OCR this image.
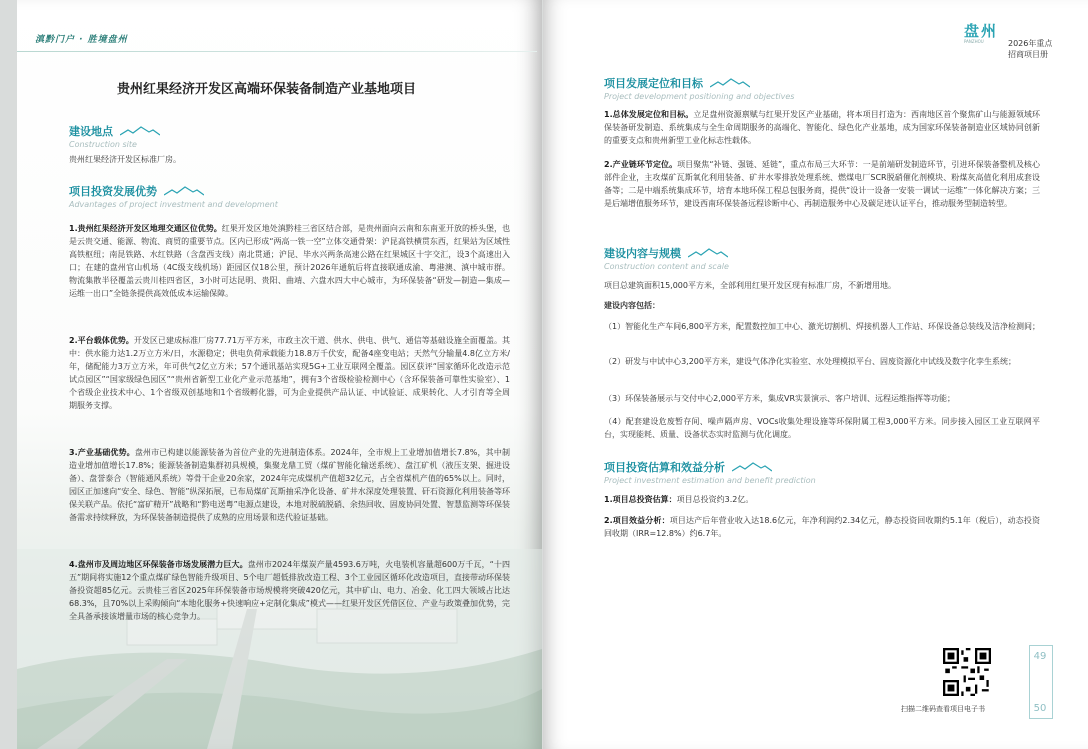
滇黔门户 · 胜境盘州
贵州红果经济开发区高端环保装备制造产业基地项目
建设地点
Construction site
贵州红果经济开发区标准厂房。
项目投资发展优势
Advantages of project investment and development
1.贵州红果经济开发区地理交通区位优势。红果开发区地处滇黔桂三省区结合部，是贵州面向云南和东南亚开放的桥头堡，也是云贵交通、能源、物流、商贸的重要节点。区内已形成“两高一铁一空”立体交通骨架：沪昆高铁横贯东西，红果站为区域性高铁枢纽；南昆铁路、水红铁路（含盘西支线）南北贯通；沪昆、毕水兴两条高速公路在红果城区十字交汇，设3个高速出入口；在建的盘州官山机场（4C级支线机场）距园区仅18公里，预计2026年通航后将直接联通成渝、粤港澳、滇中城市群。物流集散半径覆盖云贵川桂四省区，3小时可达昆明、贵阳、曲靖、六盘水四大中心城市，为环保装备“研发—制造—集成—运维一出口”全链条提供高效低成本运输保障。
2.平台载体优势。开发区已建成标准厂房77.71万平方米，市政主次干道、供水、供电、供气、通信等基础设施全面覆盖。其中：供水能力达1.2万立方米/日，水源稳定；供电负荷承载能力18.8万千伏安，配备4座变电站；天然气分输量4.8亿立方米/年，储配能力3万立方米，年可供气2亿立方米；57个通讯基站实现5G+工业互联网全覆盖。园区获评“国家循环化改造示范试点园区”“国家级绿色园区”“贵州省新型工业化产业示范基地”，拥有3个省级检验检测中心（含环保装备可靠性实验室）、1个省级企业技术中心、1个省级双创基地和1个省级孵化器，可为企业提供产品认证、中试验证、成果转化、人才引育等全周期服务支撑。
3.产业基础优势。盘州市已构建以能源装备为首位产业的先进制造体系。2024年，全市规上工业增加值增长7.8%，其中制造业增加值增长17.8%；能源装备制造集群初具规模，集聚龙鼎工贸（煤矿智能化输送系统）、盘江矿机（液压支架、掘进设备）、盘誉泰合（智能通风系统）等骨干企业20余家，2024年完成煤机产值超32亿元，占全省煤机产值的65%以上。同时，园区正加速向“安全、绿色、智能”纵深拓展，已布局煤矿瓦斯抽采净化设备、矿井水深度处理装置、矸石资源化利用装备等环保关联产品。依托“富矿精开”战略和“黔电送粤”电源点建设，本地对脱硫脱硝、余热回收、固废协同处置、智慧监测等环保装备需求持续释放，为环保装备制造提供了成熟的应用场景和迭代验证基础。
4.盘州市及周边地区环保装备市场发展潜力巨大。盘州市2024年煤炭产量4593.6万吨，火电装机容量超600万千瓦，“十四五”期间将实施12个重点煤矿绿色智能升级项目、5个电厂超低排放改造工程、3个工业园区循环化改造项目，直接带动环保装备投资超85亿元。云贵桂三省区2025年环保装备市场规模将突破420亿元，其中矿山、电力、冶金、化工四大领域占比达68.3%，且70%以上采购倾向“本地化服务+快速响应+定制化集成”模式——红果开发区凭借区位、产业与政策叠加优势，完全具备承接该增量市场的核心竞争力。
盘州
PANZHOU	2026年重点
招商项目册
项目发展定位和目标
Project development positioning and objectives
1.总体发展定位和目标。立足盘州资源禀赋与红果开发区产业基础，将本项目打造为：西南地区首个聚焦矿山与能源领域环保装备研发制造、系统集成与全生命周期服务的高端化、智能化、绿色化产业基地，成为国家环保装备制造业区域协同创新的重要支点和贵州新型工业化标志性载体。
2.产业链环节定位。项目聚焦“补链、强链、延链”，重点布局三大环节：一是前端研发制造环节，引进环保装备整机及核心部件企业，主攻煤矿瓦斯氧化利用装备、矿井水零排放处理系统、燃煤电厂SCR脱硝催化剂模块、粉煤灰高值化利用成套设备等；二是中端系统集成环节，培育本地环保工程总包服务商，提供“设计一设备一安装一调试一运维”一体化解决方案；三是后端增值服务环节，建设西南环保装备远程诊断中心、再制造服务中心及碳足迹认证平台，推动服务型制造转型。
建设内容与规模
Construction content and scale
项目总建筑面积15,000平方米，全部利用红果开发区现有标准厂房，不新增用地。
建设内容包括：
（1）智能化生产车间6,800平方米，配置数控加工中心、激光切割机、焊接机器人工作站、环保设备总装线及洁净检测间；
（2）研发与中试中心3,200平方米，建设气体净化实验室、水处理模拟平台、固废资源化中试线及数字化孪生系统；
（3）环保装备展示与交付中心2,000平方米，集成VR实景演示、客户培训、远程运维指挥等功能；
（4）配套建设危废暂存间、噪声隔声房、VOCs收集处理设施等环保附属工程3,000平方米。同步接入园区工业互联网平台，实现能耗、质量、设备状态实时监测与优化调度。
项目投资估算和效益分析
Project investment estimation and benefit prediction
1.项目总投资估算：项目总投资约3.2亿。
2.项目效益分析：项目达产后年营业收入达18.6亿元，年净利润约2.34亿元，静态投资回收期约5.1年（税后），动态投资回收期（IRR=12.8%）约6.7年。
扫描二维码查看项目电子书
49
50
